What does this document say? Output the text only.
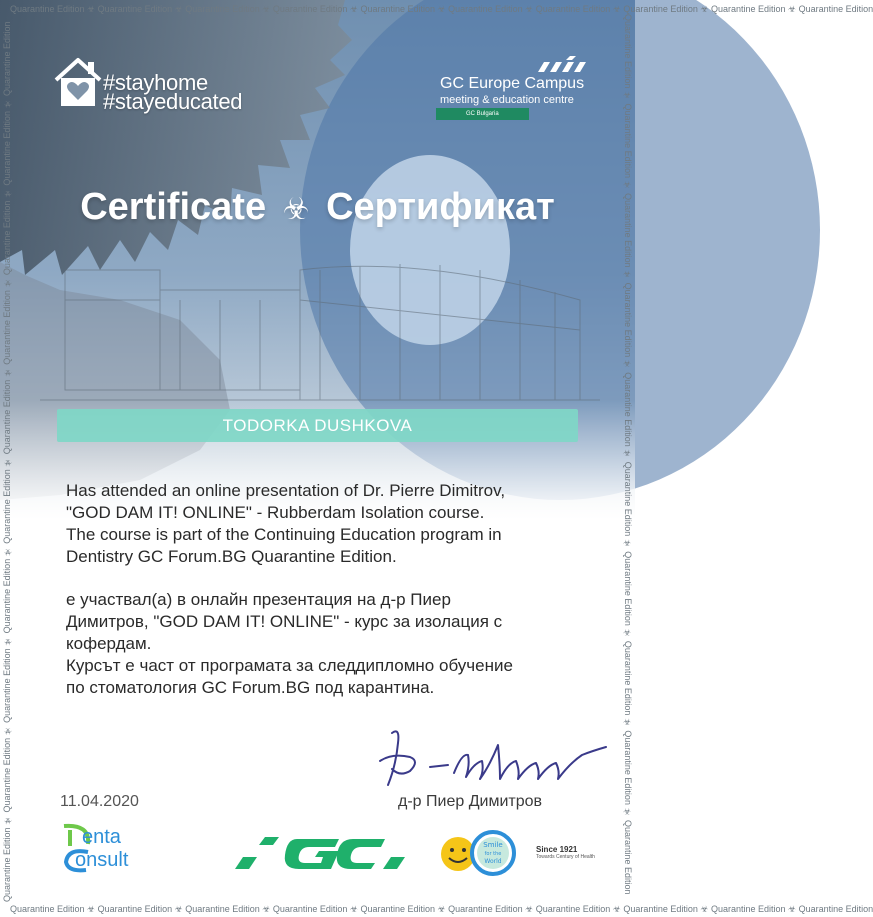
Quarantine Edition ☣ Quarantine Edition ☣ Quarantine Edition ☣ Quarantine Edition ☣ Quarantine Edition ☣ Quarantine Edition ☣ Quarantine Edition ☣ Quarantine Edition ☣ Quarantine Edition ☣ Quarantine Edition
Quarantine Edition ☣ Quarantine Edition ☣ Quarantine Edition ☣ Quarantine Edition ☣ Quarantine Edition ☣ Quarantine Edition ☣ Quarantine Edition ☣ Quarantine Edition ☣ Quarantine Edition ☣ Quarantine Edition
Quarantine Edition ☣ Quarantine Edition ☣ Quarantine Edition ☣ Quarantine Edition ☣ Quarantine Edition ☣ Quarantine Edition ☣ Quarantine Edition ☣ Quarantine Edition ☣ Quarantine Edition ☣ Quarantine Edition	Quarantine Edition ☣ Quarantine Edition ☣ Quarantine Edition ☣ Quarantine Edition ☣ Quarantine Edition ☣ Quarantine Edition ☣ Quarantine Edition ☣ Quarantine Edition ☣ Quarantine Edition ☣ Quarantine Edition
#stayhome
#stayeducated
GC Europe Campus
meeting & education centre
GC Bulgaria
Certificate ☣ Сертификат
TODORKA DUSHKOVA

Has attended an online presentation of Dr. Pierre Dimitrov,

"GOD DAM IT! ONLINE" - Rubberdam Isolation course.

The course is part of the Continuing Education program in

Dentistry GC Forum.BG Quarantine Edition.

е участвал(а) в онлайн презентация на д-р Пиер

Димитров, "GOD DAM IT! ONLINE" - курс за изолация с

кофердам.

Курсът е част от програмата за следдипломно обучение

по стоматология GC Forum.BG под карантина.

д-р Пиер Димитров
11.04.2020
enta
onsult
Smile
for the
World
Since 1921
Towards Century of Health
